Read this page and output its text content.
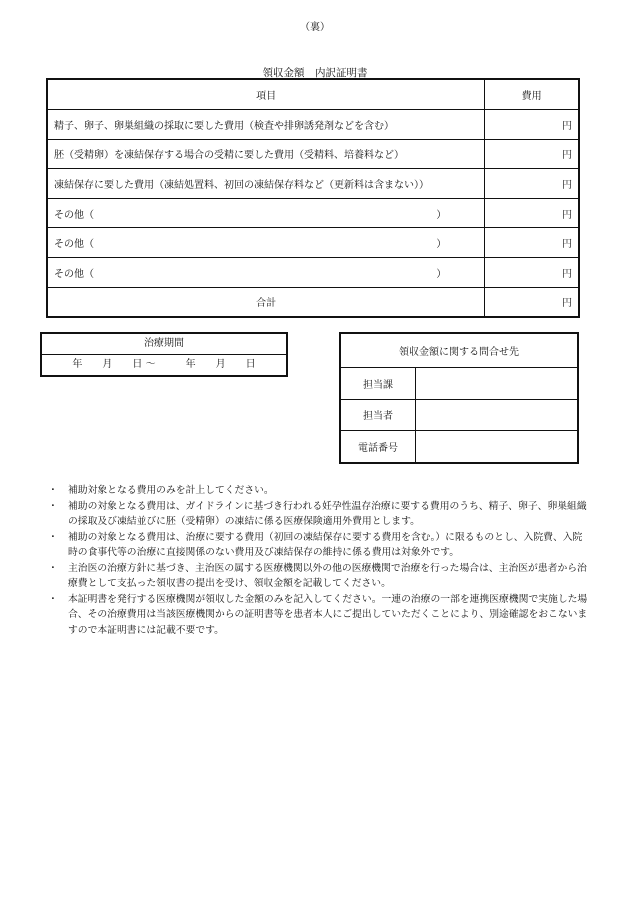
（裏）
領収金額　内訳証明書
項目	費用
精子、卵子、卵巣組織の採取に要した費用（検査や排卵誘発剤などを含む）	円
胚（受精卵）を凍結保存する場合の受精に要した費用（受精料、培養料など）	円
凍結保存に要した費用（凍結処置料、初回の凍結保存料など（更新料は含まない））	円

その他（ ）	円

その他（ ）	円

その他（ ）	円
合計	円
治療期間
年　　月　　日 ～　　　年　　月　　日
領収金額に関する問合せ先	
担当課	
担当者	
電話番号	
・	補助対象となる費用のみを計上してください。
・	補助の対象となる費用は、ガイドラインに基づき行われる妊孕性温存治療に要する費用のうち、精子、卵子、卵巣組織の採取及び凍結並びに胚（受精卵）の凍結に係る医療保険適用外費用とします。
・	補助の対象となる費用は、治療に要する費用（初回の凍結保存に要する費用を含む。）に限るものとし、入院費、入院時の食事代等の治療に直接関係のない費用及び凍結保存の維持に係る費用は対象外です。
・	主治医の治療方針に基づき、主治医の属する医療機関以外の他の医療機関で治療を行った場合は、主治医が患者から治療費として支払った領収書の提出を受け、領収金額を記載してください。
・	本証明書を発行する医療機関が領収した金額のみを記入してください。一連の治療の一部を連携医療機関で実施した場合、その治療費用は当該医療機関からの証明書等を患者本人にご提出していただくことにより、別途確認をおこないますので本証明書には記載不要です。
